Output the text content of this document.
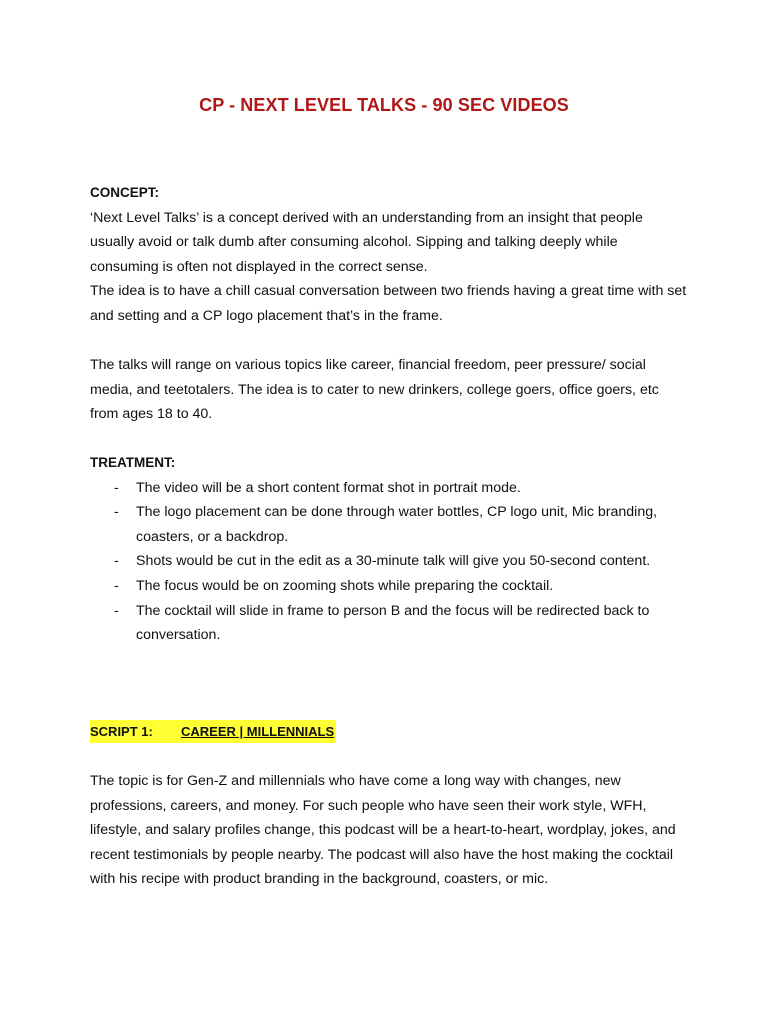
CP - NEXT LEVEL TALKS - 90 SEC VIDEOS
CONCEPT:

‘Next Level Talks’ is a concept derived with an understanding from an insight that people usually avoid or talk dumb after consuming alcohol. Sipping and talking deeply while consuming is often not displayed in the correct sense.

The idea is to have a chill casual conversation between two friends having a great time with set and setting and a CP logo placement that’s in the frame.

The talks will range on various topics like career, financial freedom, peer pressure/ social media, and teetotalers. The idea is to cater to new drinkers, college goers, office goers, etc from ages 18 to 40.

TREATMENT:
- The video will be a short content format shot in portrait mode.
- The logo placement can be done through water bottles, CP logo unit, Mic branding, coasters, or a backdrop.
- Shots would be cut in the edit as a 30-minute talk will give you 50-second content.
- The focus would be on zooming shots while preparing the cocktail.
- The cocktail will slide in frame to person B and the focus will be redirected back to conversation.
SCRIPT 1: CAREER | MILLENNIALS

The topic is for Gen-Z and millennials who have come a long way with changes, new professions, careers, and money. For such people who have seen their work style, WFH, lifestyle, and salary profiles change, this podcast will be a heart-to-heart, wordplay, jokes, and recent testimonials by people nearby. The podcast will also have the host making the cocktail with his recipe with product branding in the background, coasters, or mic.
